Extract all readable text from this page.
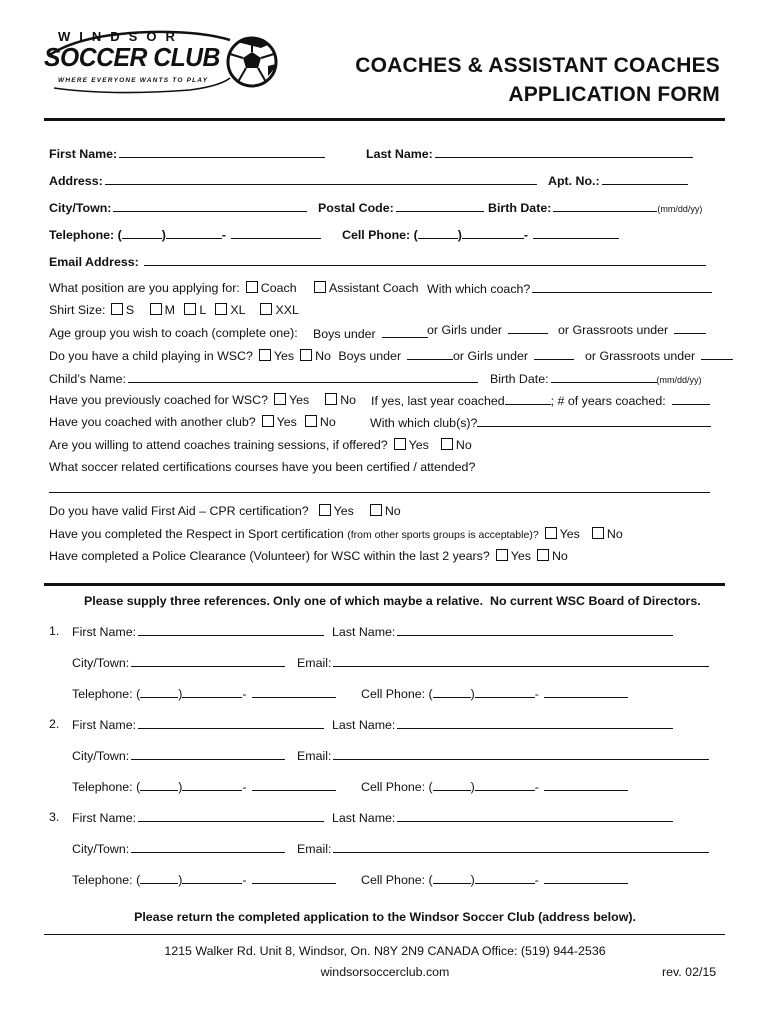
WINDSOR
SOCCER CLUB
WHERE EVERYONE WANTS TO PLAY
COACHES & ASSISTANT COACHES
APPLICATION FORM
First Name:	Last Name:
Address:	Apt. No.:
City/Town:	Postal Code:	Birth Date:	(mm/dd/yy)
Telephone: (	)	-	Cell Phone: (	)	-
Email Address:
What position are you applying for: Coach	Assistant Coach With which coach?
Shirt Size: S M L XL XXL
Age group you wish to coach (complete one): Boys under	or Girls under	or Grassroots under
Do you have a child playing in WSC? Yes No Boys under	or Girls under	or Grassroots under
Child’s Name:	Birth Date:	(mm/dd/yy)
Have you previously coached for WSC? Yes	No If yes, last year coached	; # of years coached:
Have you coached with another club? Yes No	With which club(s)?
Are you willing to attend coaches training sessions, if offered? Yes No
What soccer related certifications courses have you been certified / attended?
Do you have valid First Aid – CPR certification? Yes	No
Have you completed the Respect in Sport certification (from other sports groups is acceptable)? Yes No
Have completed a Police Clearance (Volunteer) for WSC within the last 2 years? Yes No
Please supply three references. Only one of which maybe a relative. No current WSC Board of Directors.
1. First Name:	Last Name:
City/Town:	Email:
Telephone: (	)	-	Cell Phone: (	)	-
2. First Name:	Last Name:
City/Town:	Email:
Telephone: (	)	-	Cell Phone: (	)	-
3. First Name:	Last Name:
City/Town:	Email:
Telephone: (	)	-	Cell Phone: (	)	-
Please return the completed application to the Windsor Soccer Club (address below).
1215 Walker Rd. Unit 8, Windsor, On. N8Y 2N9 CANADA Office: (519) 944-2536
windsorsoccerclub.com	rev. 02/15
